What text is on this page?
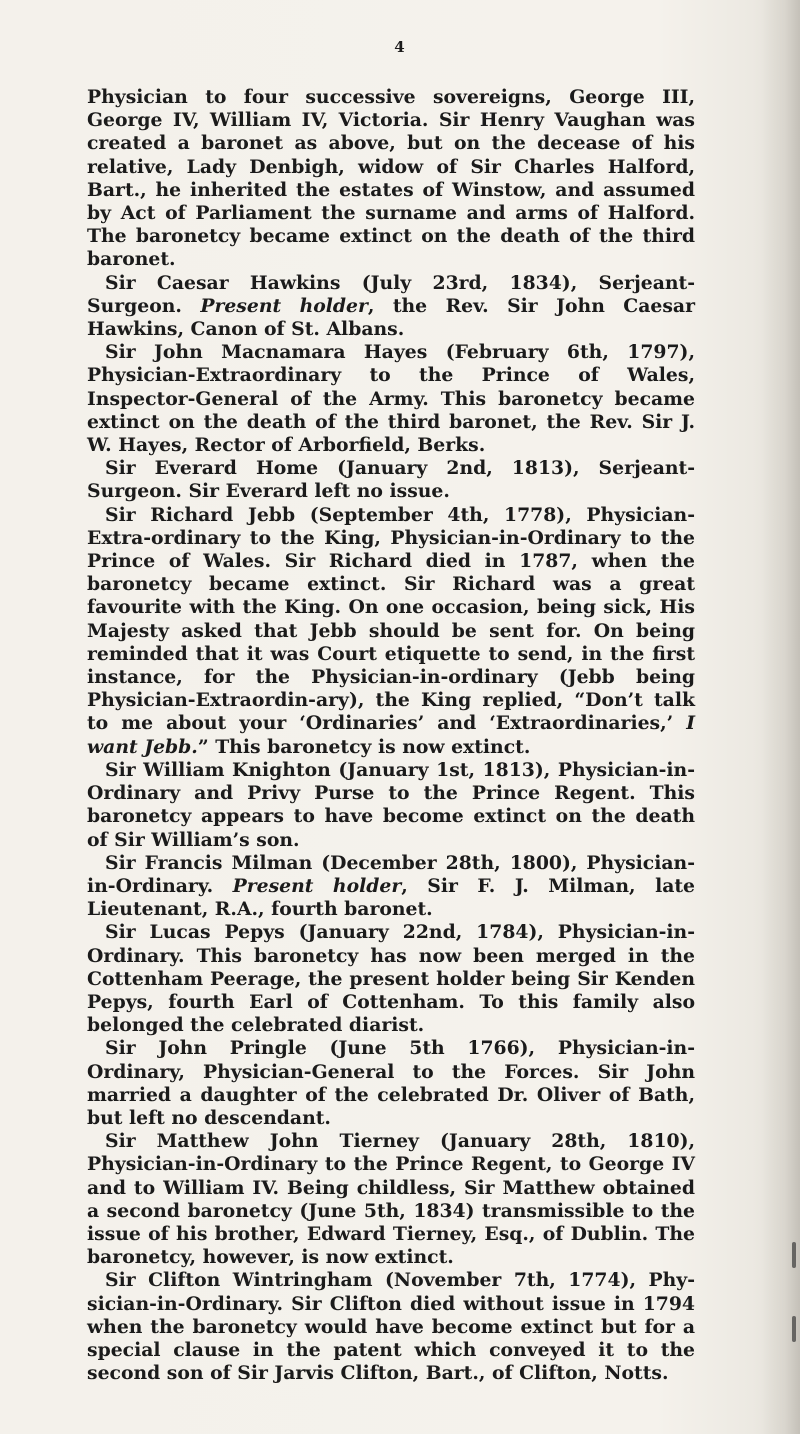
4

Physician to four successive sovereigns, George III, George IV, William IV, Victoria. Sir Henry Vaughan was created a baronet as above, but on the decease of his relative, Lady Denbigh, widow of Sir Charles Halford, Bart., he inherited the estates of Winstow, and assumed by Act of Parliament the surname and arms of Halford. The baronetcy became extinct on the death of the third baronet.

Sir Caesar Hawkins (July 23rd, 1834), Serjeant-Surgeon. Present holder, the Rev. Sir John Caesar Hawkins, Canon of St. Albans.

Sir John Macnamara Hayes (February 6th, 1797), Physician-Extraordinary to the Prince of Wales, Inspector-General of the Army. This baronetcy became extinct on the death of the third baronet, the Rev. Sir J. W. Hayes, Rector of Arborfield, Berks.

Sir Everard Home (January 2nd, 1813), Serjeant-Surgeon. Sir Everard left no issue.

Sir Richard Jebb (September 4th, 1778), Physician-Extra-ordinary to the King, Physician-in-Ordinary to the Prince of Wales. Sir Richard died in 1787, when the baronetcy became extinct. Sir Richard was a great favourite with the King. On one occasion, being sick, His Majesty asked that Jebb should be sent for. On being reminded that it was Court etiquette to send, in the first instance, for the Physician-in-ordinary (Jebb being Physician-Extraordin-ary), the King replied, “Don’t talk to me about your ‘Ordinaries’ and ‘Extraordinaries,’ I want Jebb.” This baronetcy is now extinct.

Sir William Knighton (January 1st, 1813), Physician-in-Ordinary and Privy Purse to the Prince Regent. This baronetcy appears to have become extinct on the death of Sir William’s son.

Sir Francis Milman (December 28th, 1800), Physician-in-Ordinary. Present holder, Sir F. J. Milman, late Lieutenant, R.A., fourth baronet.

Sir Lucas Pepys (January 22nd, 1784), Physician-in-Ordinary. This baronetcy has now been merged in the Cottenham Peerage, the present holder being Sir Kenden Pepys, fourth Earl of Cottenham. To this family also belonged the celebrated diarist.

Sir John Pringle (June 5th 1766), Physician-in-Ordinary, Physician-General to the Forces. Sir John married a daughter of the celebrated Dr. Oliver of Bath, but left no descendant.

Sir Matthew John Tierney (January 28th, 1810), Physician-in-Ordinary to the Prince Regent, to George IV and to William IV. Being childless, Sir Matthew obtained a second baronetcy (June 5th, 1834) transmissible to the issue of his brother, Edward Tierney, Esq., of Dublin. The baronetcy, however, is now extinct.

Sir Clifton Wintringham (November 7th, 1774), Phy-sician-in-Ordinary. Sir Clifton died without issue in 1794 when the baronetcy would have become extinct but for a special clause in the patent which conveyed it to the second son of Sir Jarvis Clifton, Bart., of Clifton, Notts.
